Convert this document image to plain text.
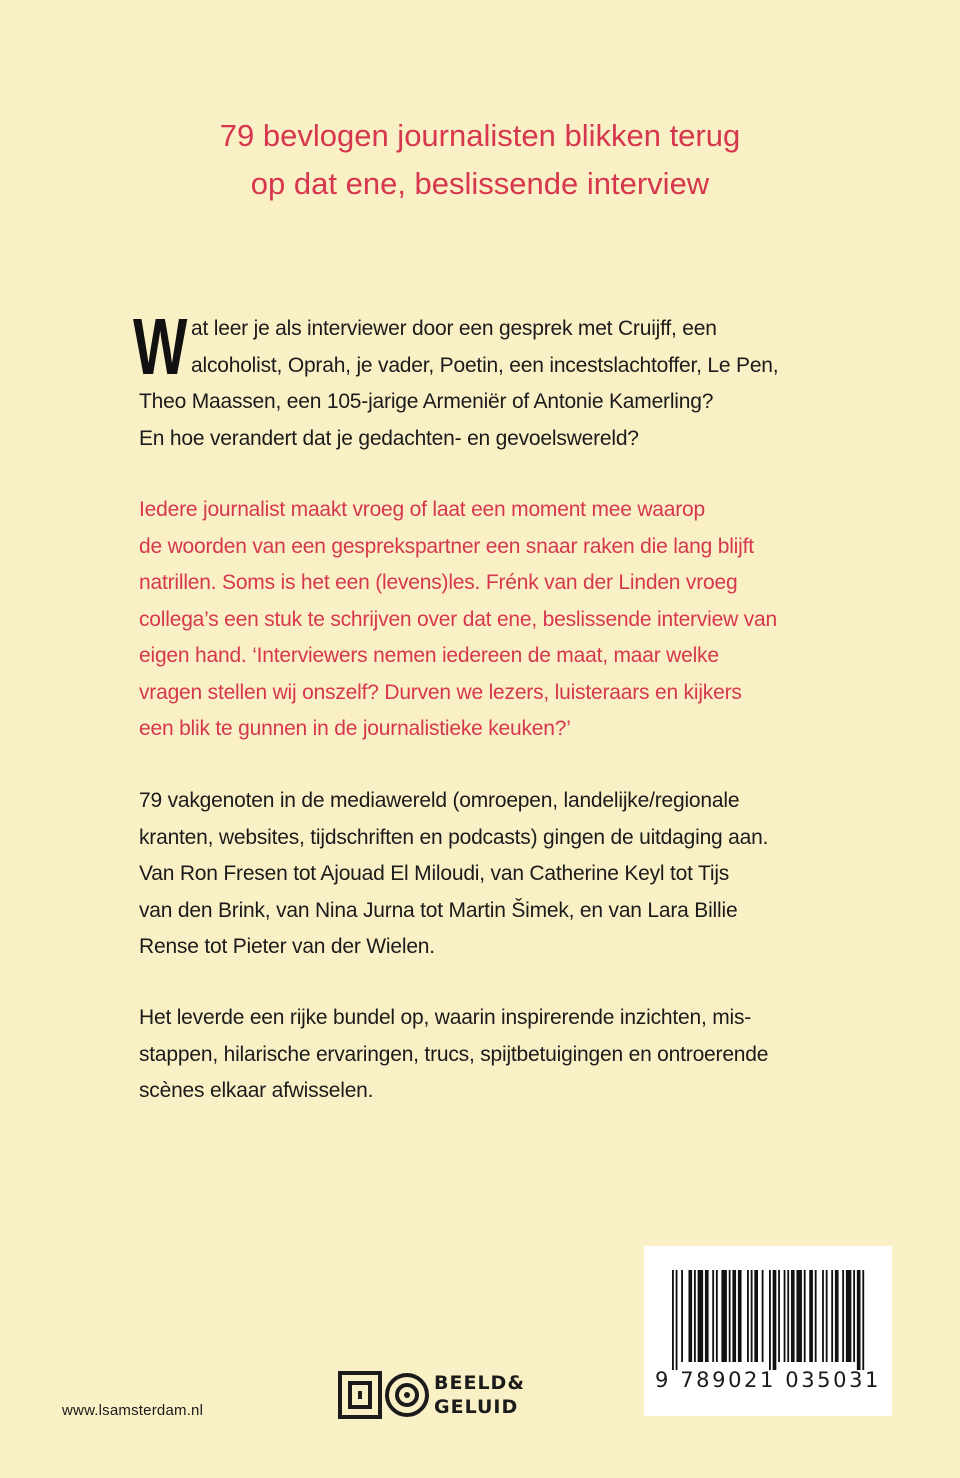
79 bevlogen journalisten blikken terug
op dat ene, beslissende interview
W at leer je als interviewer door een gesprek met Cruijff, een
alcoholist, Oprah, je vader, Poetin, een incestslachtoffer, Le Pen,
Theo Maassen, een 105-jarige Armeniër of Antonie Kamerling?
En hoe verandert dat je gedachten- en gevoelswereld?
Iedere journalist maakt vroeg of laat een moment mee waarop
de woorden van een gesprekspartner een snaar raken die lang blijft
natrillen. Soms is het een (levens)les. Frénk van der Linden vroeg
collega’s een stuk te schrijven over dat ene, beslissende interview van
eigen hand. ‘Interviewers nemen iedereen de maat, maar welke
vragen stellen wij onszelf? Durven we lezers, luisteraars en kijkers
een blik te gunnen in de journalistieke keuken?’
79 vakgenoten in de mediawereld (omroepen, landelijke/regionale
kranten, websites, tijdschriften en podcasts) gingen de uitdaging aan.
Van Ron Fresen tot Ajouad El Miloudi, van Catherine Keyl tot Tijs
van den Brink, van Nina Jurna tot Martin Šimek, en van Lara Billie
Rense tot Pieter van der Wielen.
Het leverde een rijke bundel op, waarin inspirerende inzichten, mis-
stappen, hilarische ervaringen, trucs, spijtbetuigingen en ontroerende
scènes elkaar afwisselen.
www.lsamsterdam.nl
BEELD&
GELUID
9 789021 035031
